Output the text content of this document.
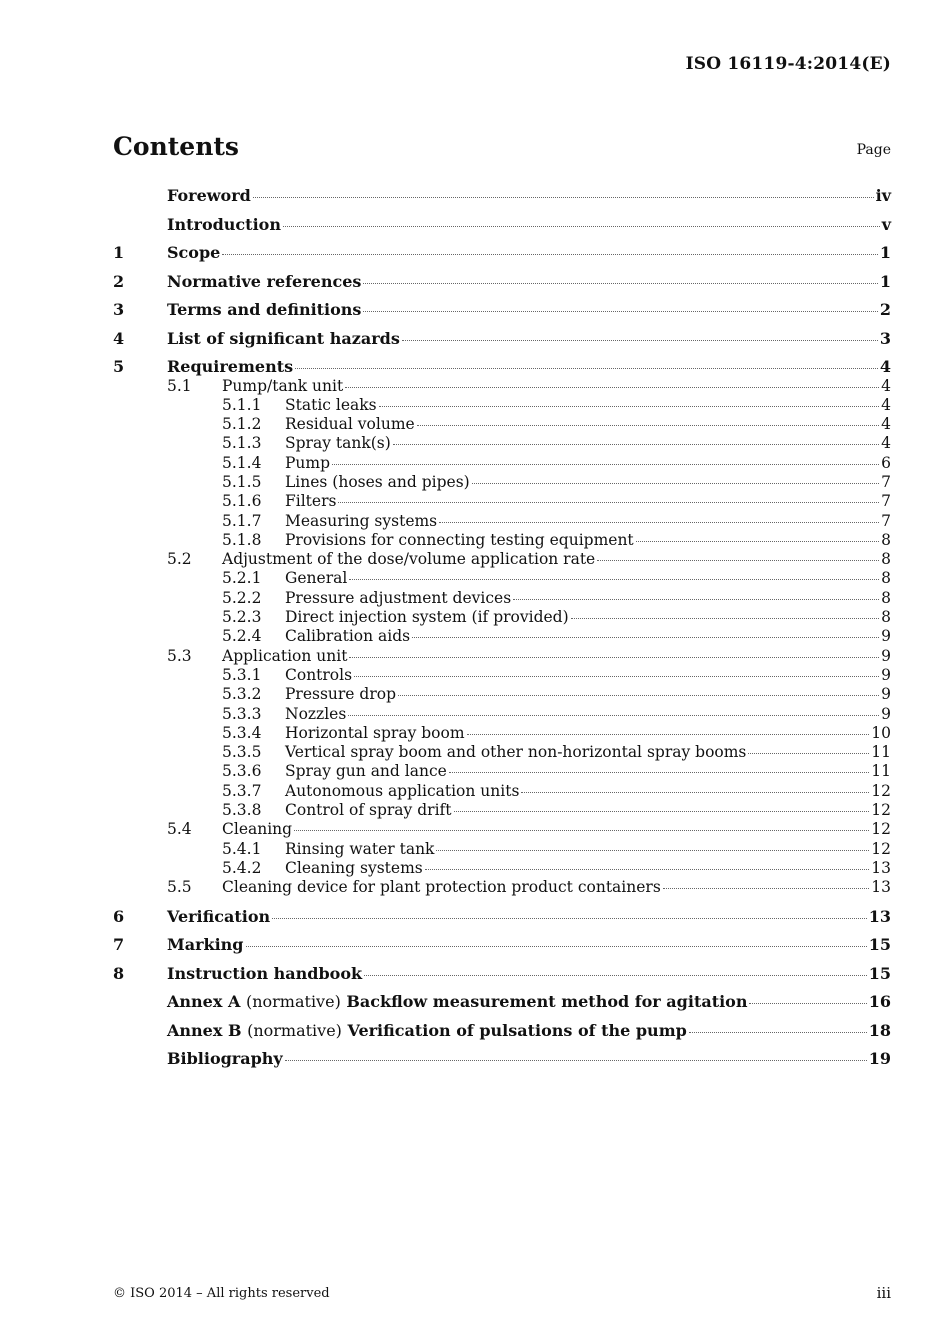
ISO 16119-4:2014(E)
Contents	Page
Foreword	iv
Introduction	v
1	Scope	1
2	Normative references	1
3	Terms and definitions	2
4	List of significant hazards	3
5	Requirements	4
5.1	Pump/tank unit	4
5.1.1	Static leaks	4
5.1.2	Residual volume	4
5.1.3	Spray tank(s)	4
5.1.4	Pump	6
5.1.5	Lines (hoses and pipes)	7
5.1.6	Filters	7
5.1.7	Measuring systems	7
5.1.8	Provisions for connecting testing equipment	8
5.2	Adjustment of the dose/volume application rate	8
5.2.1	General	8
5.2.2	Pressure adjustment devices	8
5.2.3	Direct injection system (if provided)	8
5.2.4	Calibration aids	9
5.3	Application unit	9
5.3.1	Controls	9
5.3.2	Pressure drop	9
5.3.3	Nozzles	9
5.3.4	Horizontal spray boom	10
5.3.5	Vertical spray boom and other non-horizontal spray booms	11
5.3.6	Spray gun and lance	11
5.3.7	Autonomous application units	12
5.3.8	Control of spray drift	12
5.4	Cleaning	12
5.4.1	Rinsing water tank	12
5.4.2	Cleaning systems	13
5.5	Cleaning device for plant protection product containers	13
6	Verification	13
7	Marking	15
8	Instruction handbook	15
Annex A (normative) Backflow measurement method for agitation	16
Annex B (normative) Verification of pulsations of the pump	18
Bibliography	19
© ISO 2014 – All rights reserved	iii
